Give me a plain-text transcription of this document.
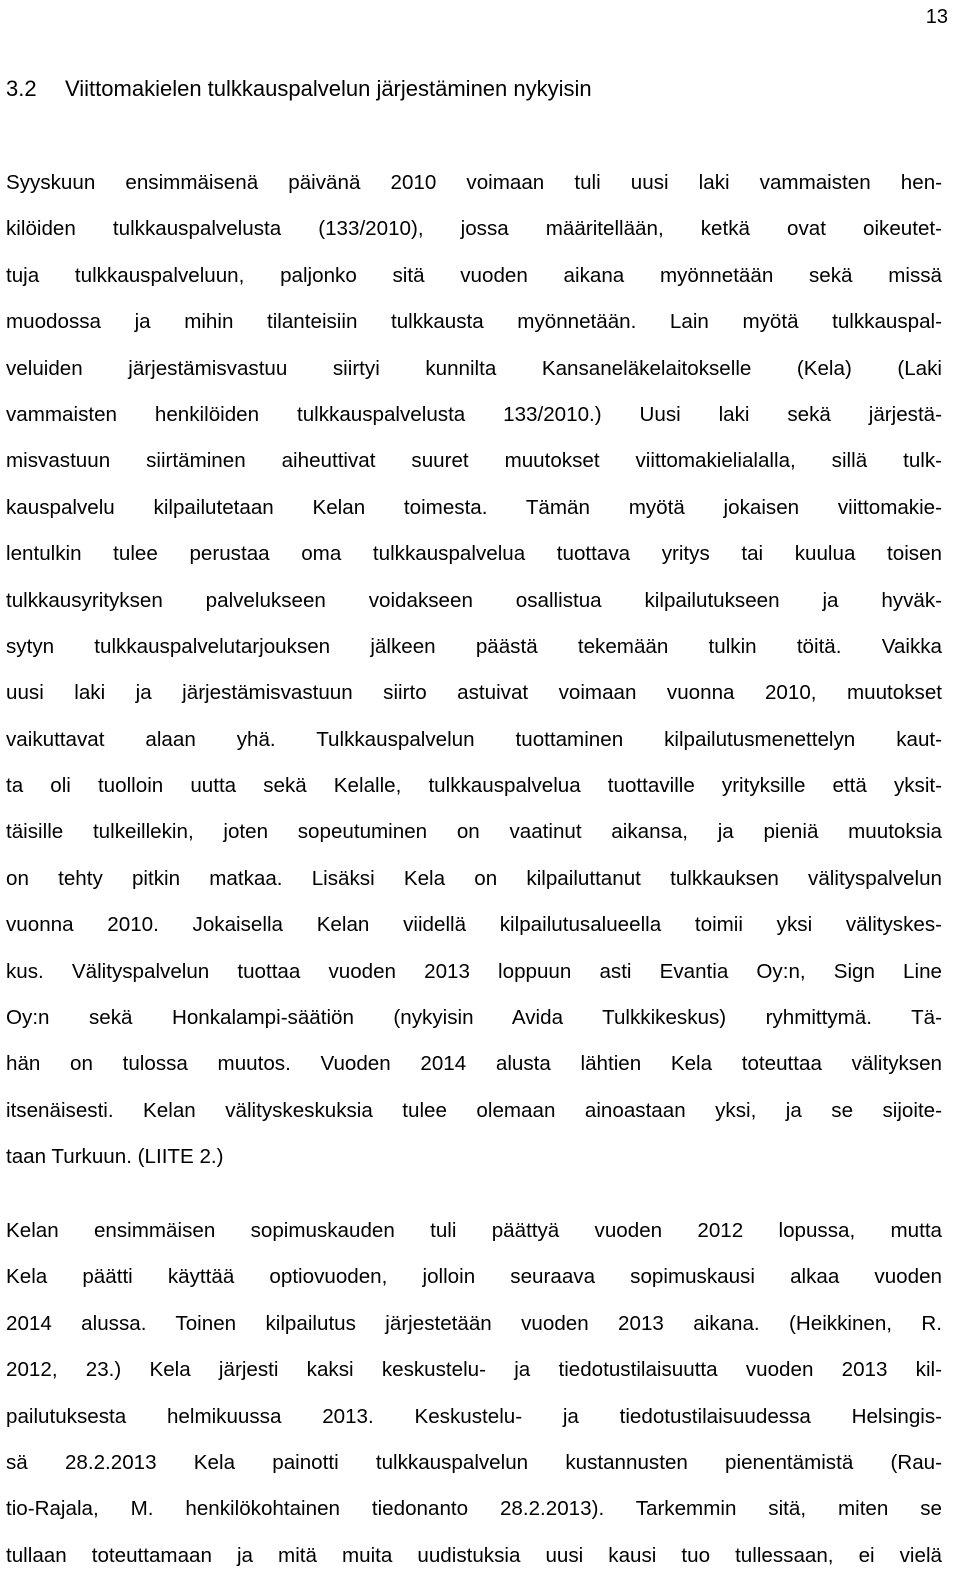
13
3.2 Viittomakielen tulkkauspalvelun järjestäminen nykyisin
Syyskuun ensimmäisenä päivänä 2010 voimaan tuli uusi laki vammaisten hen-
kilöiden tulkkauspalvelusta (133/2010), jossa määritellään, ketkä ovat oikeutet-
tuja tulkkauspalveluun, paljonko sitä vuoden aikana myönnetään sekä missä
muodossa ja mihin tilanteisiin tulkkausta myönnetään. Lain myötä tulkkauspal-
veluiden järjestämisvastuu siirtyi kunnilta Kansaneläkelaitokselle (Kela) (Laki
vammaisten henkilöiden tulkkauspalvelusta 133/2010.) Uusi laki sekä järjestä-
misvastuun siirtäminen aiheuttivat suuret muutokset viittomakielialalla, sillä tulk-
kauspalvelu kilpailutetaan Kelan toimesta. Tämän myötä jokaisen viittomakie-
lentulkin tulee perustaa oma tulkkauspalvelua tuottava yritys tai kuulua toisen
tulkkausyrityksen palvelukseen voidakseen osallistua kilpailutukseen ja hyväk-
sytyn tulkkauspalvelutarjouksen jälkeen päästä tekemään tulkin töitä. Vaikka
uusi laki ja järjestämisvastuun siirto astuivat voimaan vuonna 2010, muutokset
vaikuttavat alaan yhä. Tulkkauspalvelun tuottaminen kilpailutusmenettelyn kaut-
ta oli tuolloin uutta sekä Kelalle, tulkkauspalvelua tuottaville yrityksille että yksit-
täisille tulkeillekin, joten sopeutuminen on vaatinut aikansa, ja pieniä muutoksia
on tehty pitkin matkaa. Lisäksi Kela on kilpailuttanut tulkkauksen välityspalvelun
vuonna 2010. Jokaisella Kelan viidellä kilpailutusalueella toimii yksi välityskes-
kus. Välityspalvelun tuottaa vuoden 2013 loppuun asti Evantia Oy:n, Sign Line
Oy:n sekä Honkalampi-säätiön (nykyisin Avida Tulkkikeskus) ryhmittymä. Tä-
hän on tulossa muutos. Vuoden 2014 alusta lähtien Kela toteuttaa välityksen
itsenäisesti. Kelan välityskeskuksia tulee olemaan ainoastaan yksi, ja se sijoite-
taan Turkuun. (LIITE 2.)
Kelan ensimmäisen sopimuskauden tuli päättyä vuoden 2012 lopussa, mutta
Kela päätti käyttää optiovuoden, jolloin seuraava sopimuskausi alkaa vuoden
2014 alussa. Toinen kilpailutus järjestetään vuoden 2013 aikana. (Heikkinen, R.
2012, 23.) Kela järjesti kaksi keskustelu- ja tiedotustilaisuutta vuoden 2013 kil-
pailutuksesta helmikuussa 2013. Keskustelu- ja tiedotustilaisuudessa Helsingis-
sä 28.2.2013 Kela painotti tulkkauspalvelun kustannusten pienentämistä (Rau-
tio-Rajala, M. henkilökohtainen tiedonanto 28.2.2013). Tarkemmin sitä, miten se
tullaan toteuttamaan ja mitä muita uudistuksia uusi kausi tuo tullessaan, ei vielä
